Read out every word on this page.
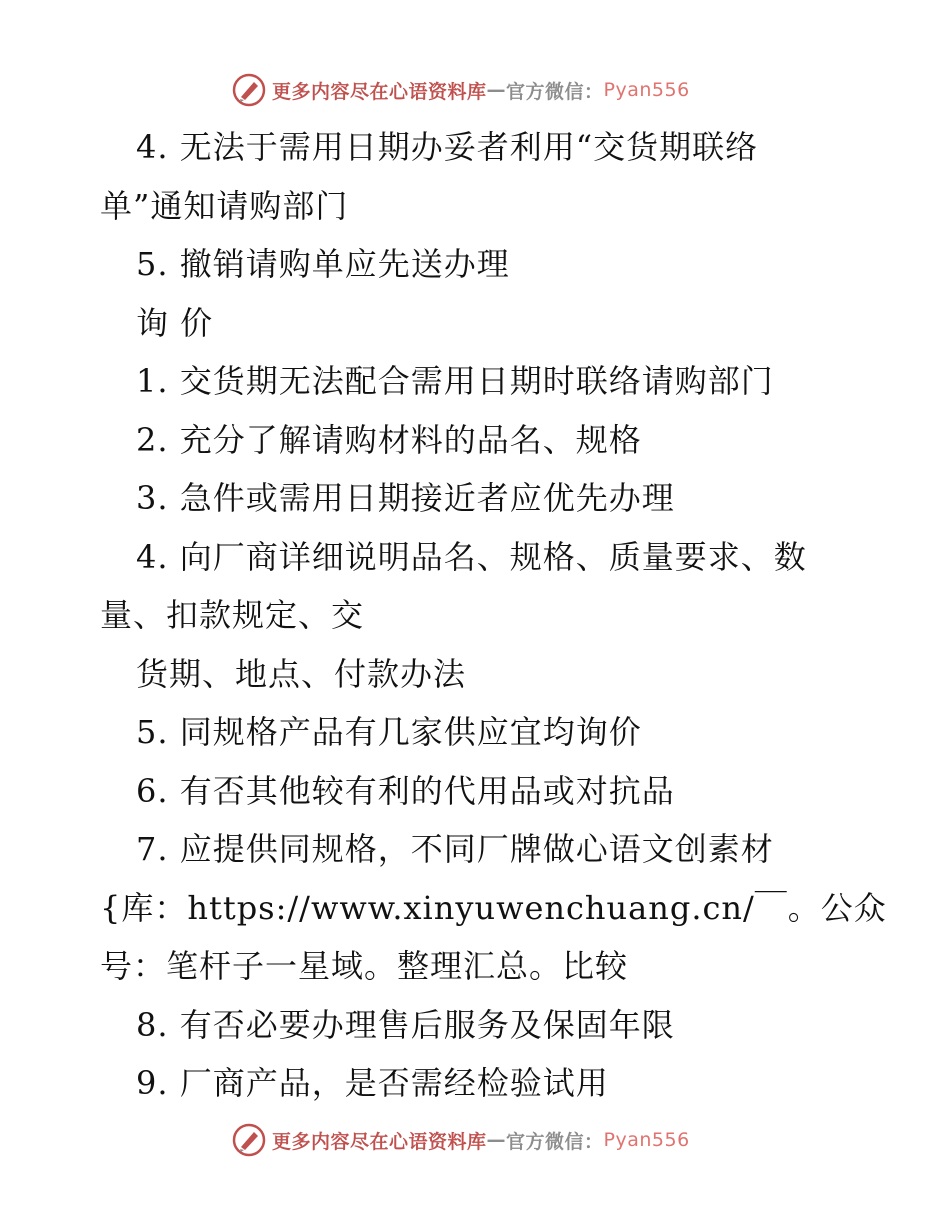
更多内容尽在心语资料库 — 官方微信： Pyan556
4. 无法于需用日期办妥者利用“交货期联络
单”通知请购部门
5. 撤销请购单应先送办理
询 价
1. 交货期无法配合需用日期时联络请购部门
2. 充分了解请购材料的品名、规格
3. 急件或需用日期接近者应优先办理
4. 向厂商详细说明品名、规格、质量要求、数
量、扣款规定、交
货期、地点、付款办法
5. 同规格产品有几家供应宜均询价
6. 有否其他较有利的代用品或对抗品
7. 应提供同规格，不同厂牌做心语文创素材
{库：https://www.xinyuwenchuang.cn/￣。公众
号：笔杆子一星域。整理汇总。比较
8. 有否必要办理售后服务及保固年限
9. 厂商产品，是否需经检验试用
更多内容尽在心语资料库 — 官方微信： Pyan556
